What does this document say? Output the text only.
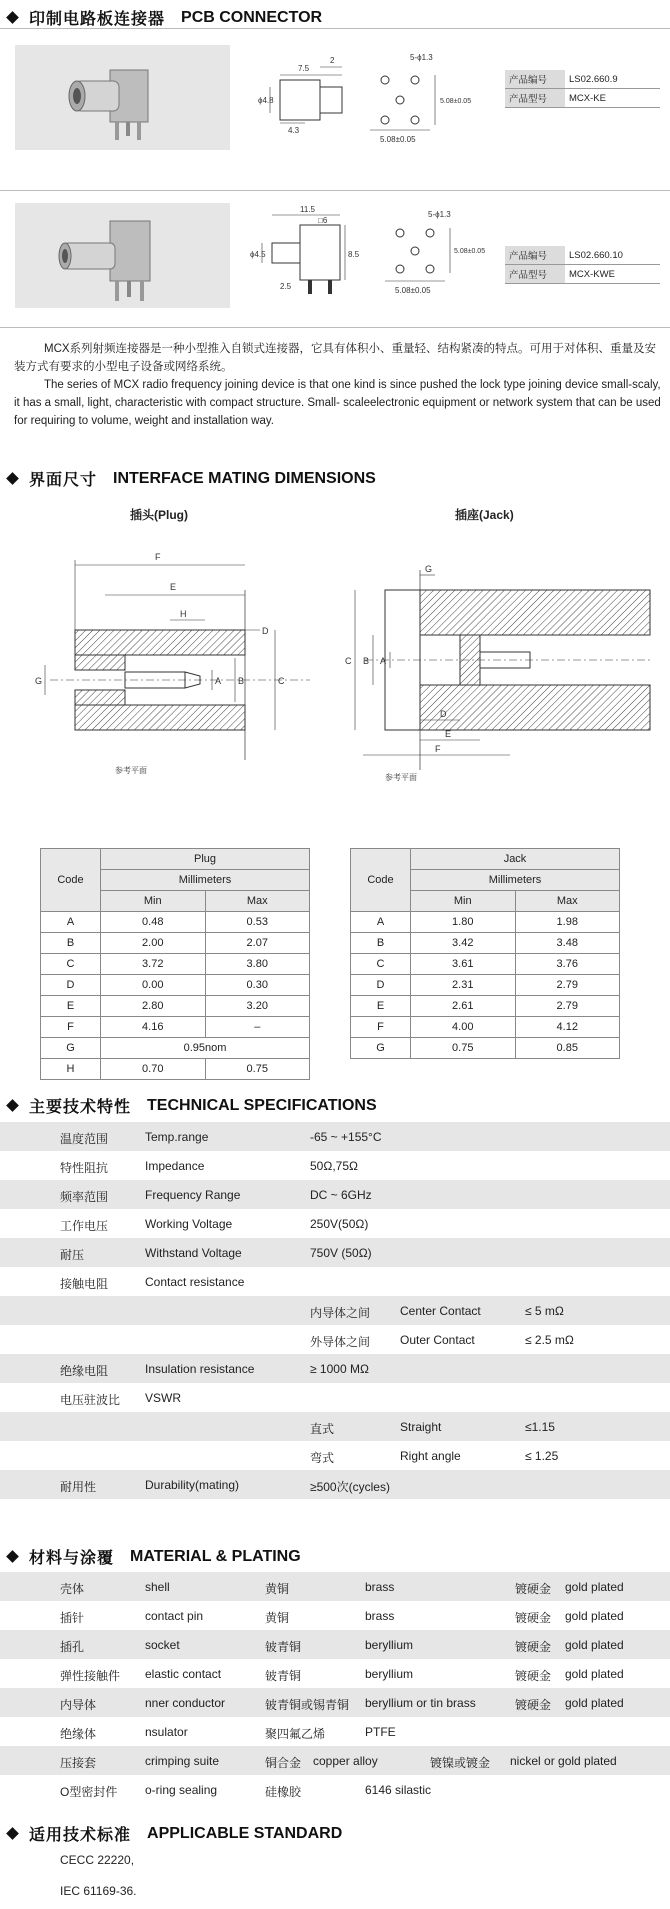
印制电路板连接器 PCB CONNECTOR
7.5
2
ϕ4.8
4.3
5-ϕ1.3
5.08±0.05
5.08±0.05
产品编号	LS02.660.9
产品型号	MCX-KE
11.5
□6
ϕ4.5
2.5
8.5
5-ϕ1.3
5.08±0.05
5.08±0.05	产品编号	LS02.660.10
产品型号	MCX-KWE

MCX系列射频连接器是一种小型推入自锁式连接器，它具有体积小、重量轻、结构紧凑的特点。可用于对体积、重量及安装方式有要求的小型电子设备或网络系统。

The series of MCX radio frequency joining device is that one kind is since pushed the lock type joining device small-scaly, it has a small, light, characteristic with compact structure. Small- scaleelectronic equipment or network system that can be used for requiring to volume, weight and installation way.

界面尺寸 INTERFACE MATING DIMENSIONS
插头(Plug)	插座(Jack)
F
E
H
D
G	A B	C
参考平面
G
D
E
F
C B A
参考平面
Code	Plug	
	Millimeters	
	Min	Max
A	0.48	0.53
B	2.00	2.07
C	3.72	3.80
D	0.00	0.30
E	2.80	3.20
F	4.16	–
G	0.95nom	
H	0.70	0.75
Code	Jack	
	Millimeters	
	Min	Max
A	1.80	1.98
B	3.42	3.48
C	3.61	3.76
D	2.31	2.79
E	2.61	2.79
F	4.00	4.12
G	0.75	0.85
主要技术特性 TECHNICAL SPECIFICATIONS
温度范围	Temp.range	-65 ~ +155°C
特性阻抗	Impedance	50Ω,75Ω
频率范围	Frequency Range	DC ~ 6GHz
工作电压	Working Voltage	250V(50Ω)
耐压	Withstand Voltage	750V (50Ω)
接触电阻	Contact resistance
内导体之间 Center Contact	≤ 5 mΩ
外导体之间 Outer Contact	≤ 2.5 mΩ
绝缘电阻	Insulation resistance	≥ 1000 MΩ
电压驻波比 VSWR
直式	Straight	≤1.15
弯式	Right angle	≤ 1.25
耐用性	Durability(mating)	≥500次(cycles)
材料与涂覆 MATERIAL & PLATING
壳体	shell	黄铜	brass	镀硬金 gold plated
插针	contact pin	黄铜	brass	镀硬金 gold plated
插孔	socket	铍青铜	beryllium	镀硬金 gold plated
弹性接触件 elastic contact	铍青铜	beryllium	镀硬金 gold plated
内导体	nner conductor	铍青铜或锡青铜 beryllium or tin brass	镀硬金 gold plated
绝缘体	nsulator	聚四氟乙烯	PTFE
压接套	crimping suite	铜合金 copper alloy	镀镍或镀金 nickel or gold plated
O型密封件 o-ring sealing	硅橡胶	6146 silastic
适用技术标准 APPLICABLE STANDARD
CECC 22220,
IEC 61169-36.
